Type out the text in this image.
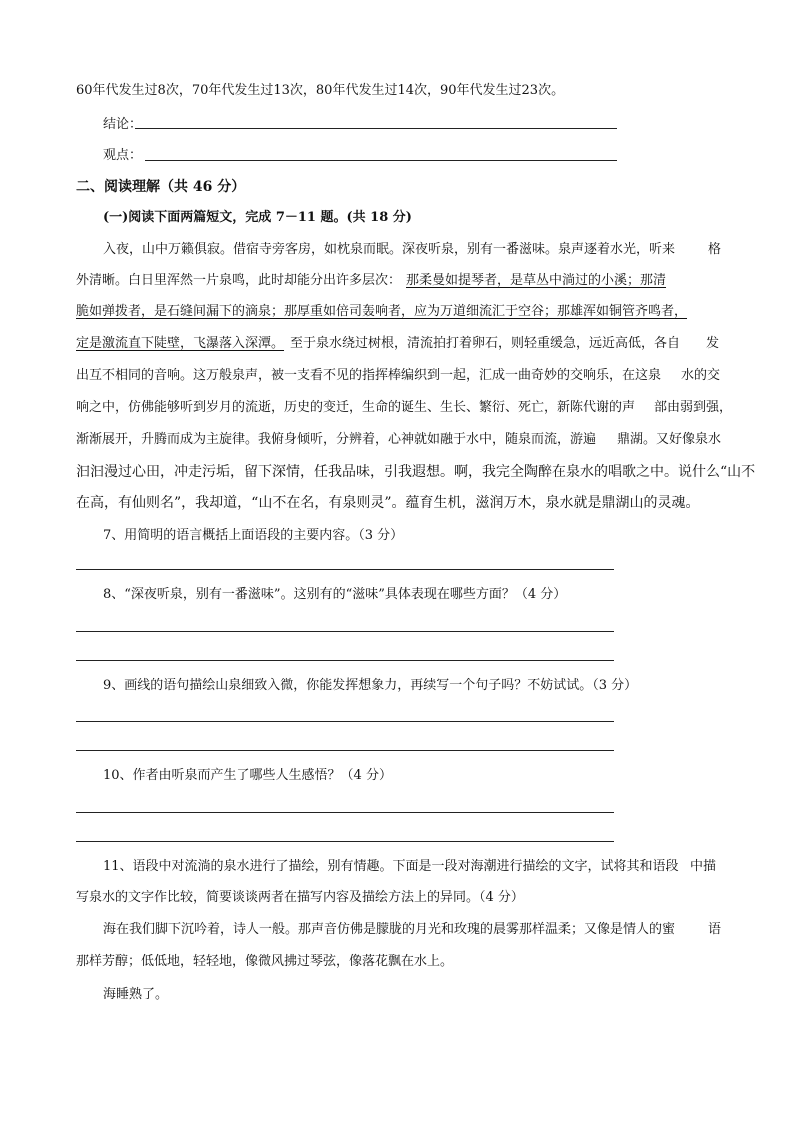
60年代发生过8次，70年代发生过13次，80年代发生过14次，90年代发生过23次。
结论：
观点：
二、阅读理解（共 46 分）
(一)阅读下面两篇短文，完成 7－11 题。(共 18 分)
入夜，山中万籁俱寂。借宿寺旁客房，如枕泉而眠。深夜听泉，别有一番滋味。泉声逐着水光，听来	格
外清晰。白日里浑然一片泉鸣，此时却能分出许多层次： 那柔曼如提琴者，是草丛中淌过的小溪；那清
脆如弹拨者，是石缝间漏下的滴泉；那厚重如倍司轰响者，应为万道细流汇于空谷；那雄浑如铜管齐鸣者，
定是激流直下陡壁，飞瀑落入深潭。 至于泉水绕过树根，清流拍打着卵石，则轻重缓急，远近高低，各自 发
出互不相同的音响。这万般泉声，被一支看不见的指挥棒编织到一起，汇成一曲奇妙的交响乐，在这泉 水的交
响之中，仿佛能够听到岁月的流逝，历史的变迁，生命的诞生、生长、繁衍、死亡，新陈代谢的声 部由弱到强，
渐渐展开，升腾而成为主旋律。我俯身倾听，分辨着，心神就如融于水中，随泉而流，游遍 鼎湖。又好像泉水
汩汩漫过心田，冲走污垢，留下深情，任我品味，引我遐想。啊，我完全陶醉在泉水的唱歌之中。说什么“山不
在高，有仙则名”，我却道，“山不在名，有泉则灵”。蕴育生机，滋润万木，泉水就是鼎湖山的灵魂。
7、用简明的语言概括上面语段的主要内容。（3 分）
8、“深夜听泉，别有一番滋味”。这别有的“滋味”具体表现在哪些方面？（4 分）
9、画线的语句描绘山泉细致入微，你能发挥想象力，再续写一个句子吗？不妨试试。（3 分）
10、作者由听泉而产生了哪些人生感悟？（4 分）
11、语段中对流淌的泉水进行了描绘，别有情趣。下面是一段对海潮进行描绘的文字，试将其和语段 中描
写泉水的文字作比较，简要谈谈两者在描写内容及描绘方法上的异同。（4 分）
海在我们脚下沉吟着，诗人一般。那声音仿佛是朦胧的月光和玫瑰的晨雾那样温柔；又像是情人的蜜	语
那样芳醇；低低地，轻轻地，像微风拂过琴弦，像落花飘在水上。
海睡熟了。
